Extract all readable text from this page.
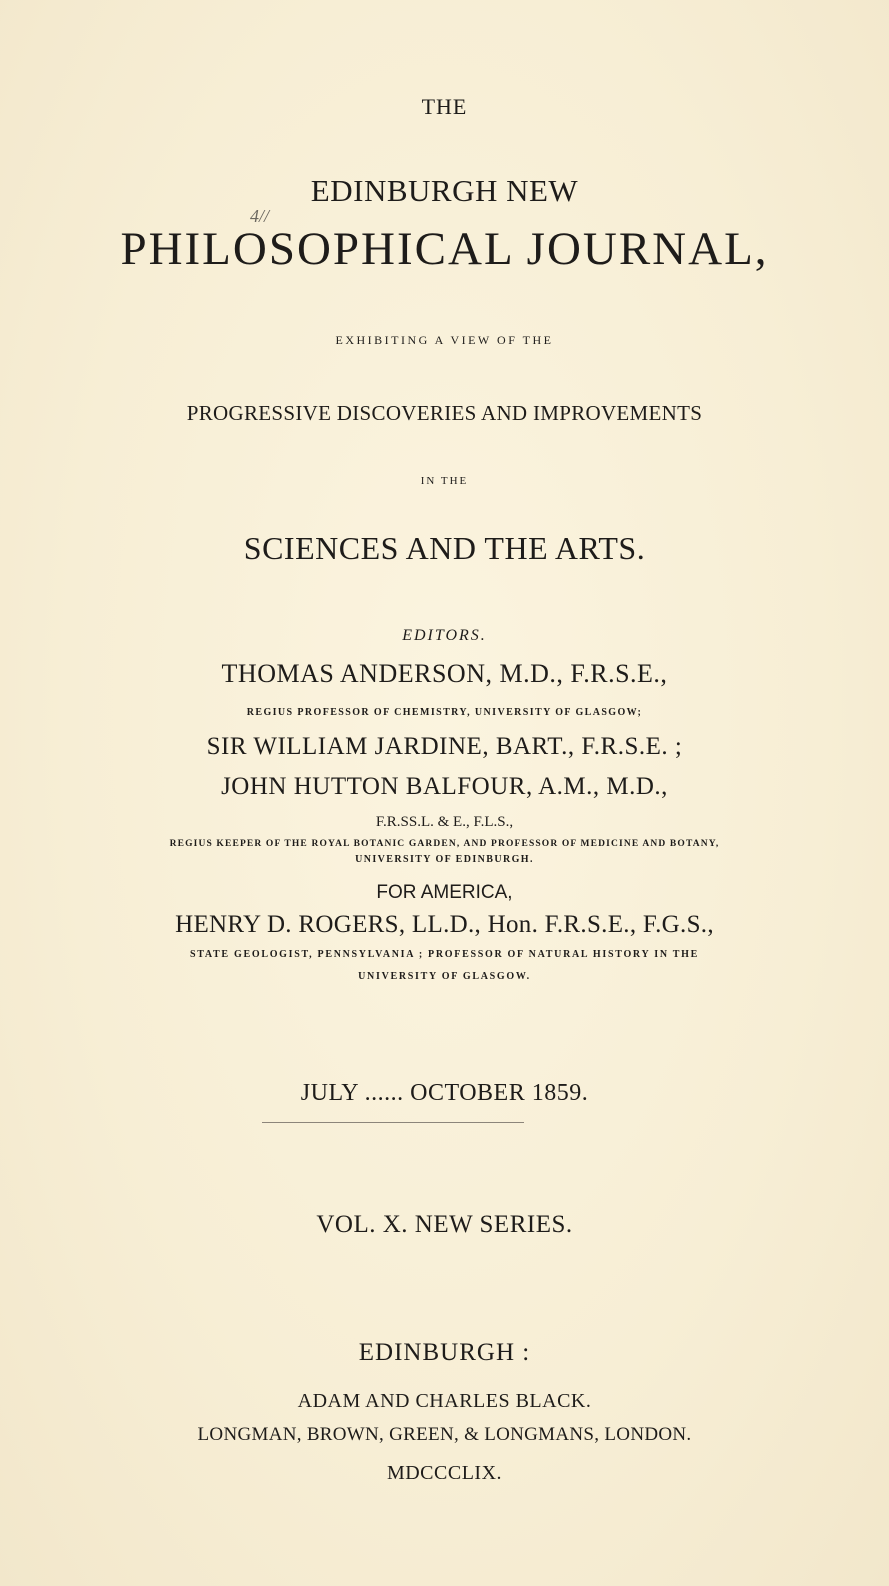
THE
EDINBURGH NEW
4//
PHILOSOPHICAL JOURNAL,
EXHIBITING A VIEW OF THE
PROGRESSIVE DISCOVERIES AND IMPROVEMENTS
IN THE
SCIENCES AND THE ARTS.
EDITORS.
THOMAS ANDERSON, M.D., F.R.S.E.,
REGIUS PROFESSOR OF CHEMISTRY, UNIVERSITY OF GLASGOW;
SIR WILLIAM JARDINE, BART., F.R.S.E. ;
JOHN HUTTON BALFOUR, A.M., M.D.,
F.R.SS.L. & E., F.L.S.,
REGIUS KEEPER OF THE ROYAL BOTANIC GARDEN, AND PROFESSOR OF MEDICINE AND BOTANY,
UNIVERSITY OF EDINBURGH.
FOR AMERICA,
HENRY D. ROGERS, LL.D., Hon. F.R.S.E., F.G.S.,
STATE GEOLOGIST, PENNSYLVANIA ; PROFESSOR OF NATURAL HISTORY IN THE
UNIVERSITY OF GLASGOW.
JULY ...... OCTOBER 1859.
VOL. X. NEW SERIES.
EDINBURGH :
ADAM AND CHARLES BLACK.
LONGMAN, BROWN, GREEN, & LONGMANS, LONDON.
MDCCCLIX.
